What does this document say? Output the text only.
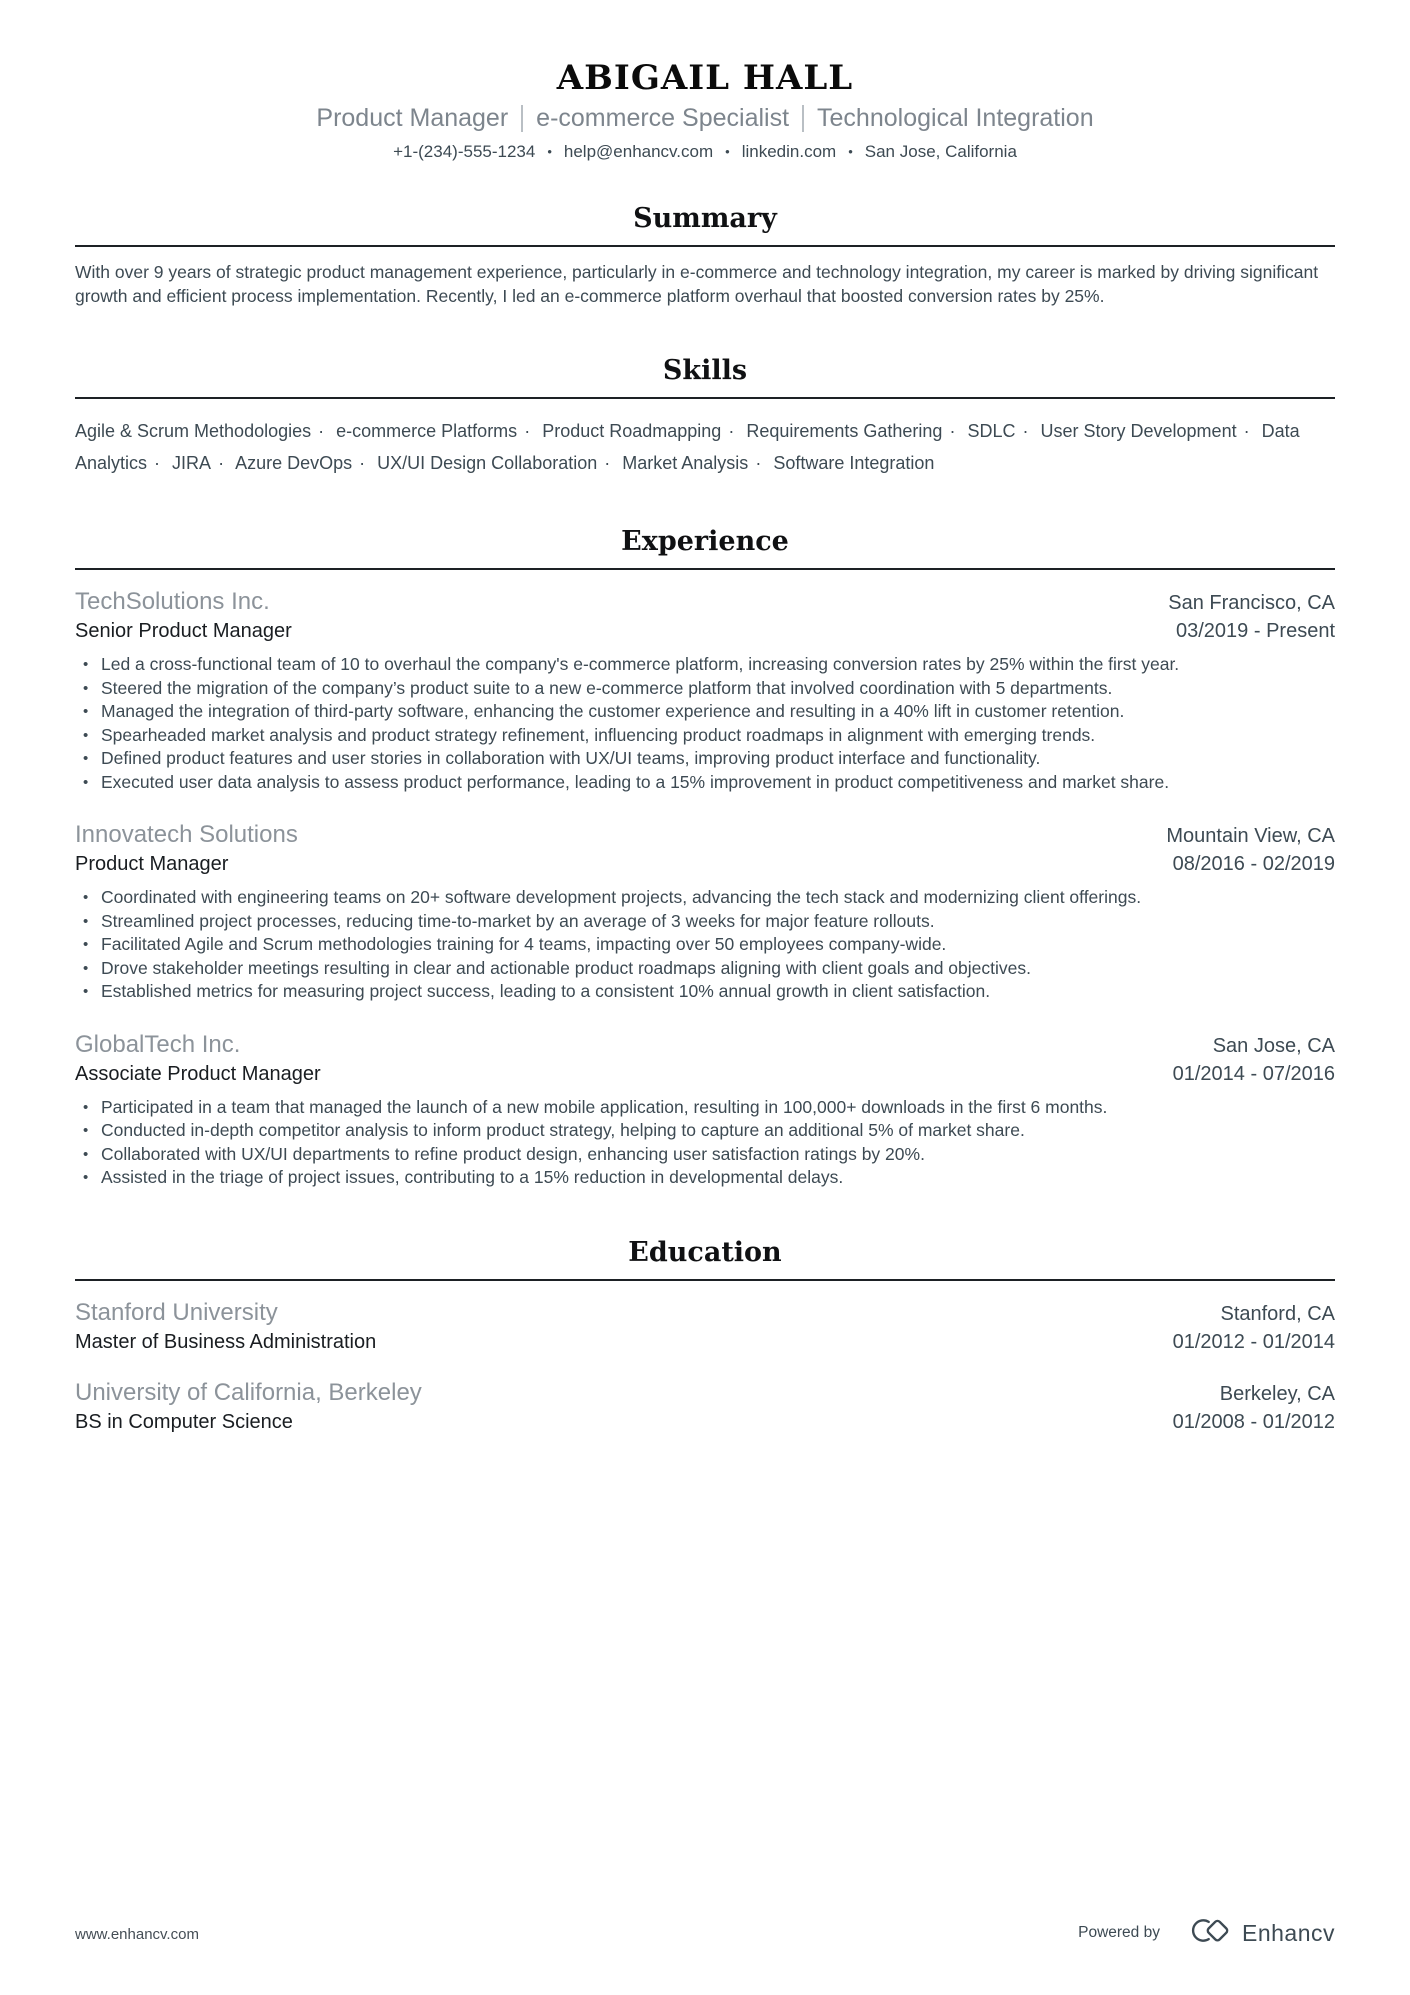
ABIGAIL HALL
Product Manager e-commerce Specialist Technological Integration
+1-(234)-555-1234 • help@enhancv.com • linkedin.com • San Jose, California
Summary

With over 9 years of strategic product management experience, particularly in e-commerce and technology integration, my career is marked by driving significant growth and efficient process implementation. Recently, I led an e-commerce platform overhaul that boosted conversion rates by 25%.

Skills

Agile & Scrum Methodologies · e-commerce Platforms · Product Roadmapping · Requirements Gathering · SDLC · User Story Development · Data Analytics · JIRA · Azure DevOps · UX/UI Design Collaboration · Market Analysis · Software Integration

Experience
TechSolutions Inc.	San Francisco, CA
Senior Product Manager	03/2019 - Present
• Led a cross-functional team of 10 to overhaul the company's e-commerce platform, increasing conversion rates by 25% within the first year.
• Steered the migration of the company’s product suite to a new e-commerce platform that involved coordination with 5 departments.
• Managed the integration of third-party software, enhancing the customer experience and resulting in a 40% lift in customer retention.
• Spearheaded market analysis and product strategy refinement, influencing product roadmaps in alignment with emerging trends.
• Defined product features and user stories in collaboration with UX/UI teams, improving product interface and functionality.
• Executed user data analysis to assess product performance, leading to a 15% improvement in product competitiveness and market share.
Innovatech Solutions	Mountain View, CA
Product Manager	08/2016 - 02/2019
• Coordinated with engineering teams on 20+ software development projects, advancing the tech stack and modernizing client offerings.
• Streamlined project processes, reducing time-to-market by an average of 3 weeks for major feature rollouts.
• Facilitated Agile and Scrum methodologies training for 4 teams, impacting over 50 employees company-wide.
• Drove stakeholder meetings resulting in clear and actionable product roadmaps aligning with client goals and objectives.
• Established metrics for measuring project success, leading to a consistent 10% annual growth in client satisfaction.
GlobalTech Inc.	San Jose, CA
Associate Product Manager	01/2014 - 07/2016
• Participated in a team that managed the launch of a new mobile application, resulting in 100,000+ downloads in the first 6 months.
• Conducted in-depth competitor analysis to inform product strategy, helping to capture an additional 5% of market share.
• Collaborated with UX/UI departments to refine product design, enhancing user satisfaction ratings by 20%.
• Assisted in the triage of project issues, contributing to a 15% reduction in developmental delays.
Education
Stanford University	Stanford, CA
Master of Business Administration	01/2012 - 01/2014
University of California, Berkeley	Berkeley, CA
BS in Computer Science	01/2008 - 01/2012
www.enhancv.com	Powered by	Enhancv
